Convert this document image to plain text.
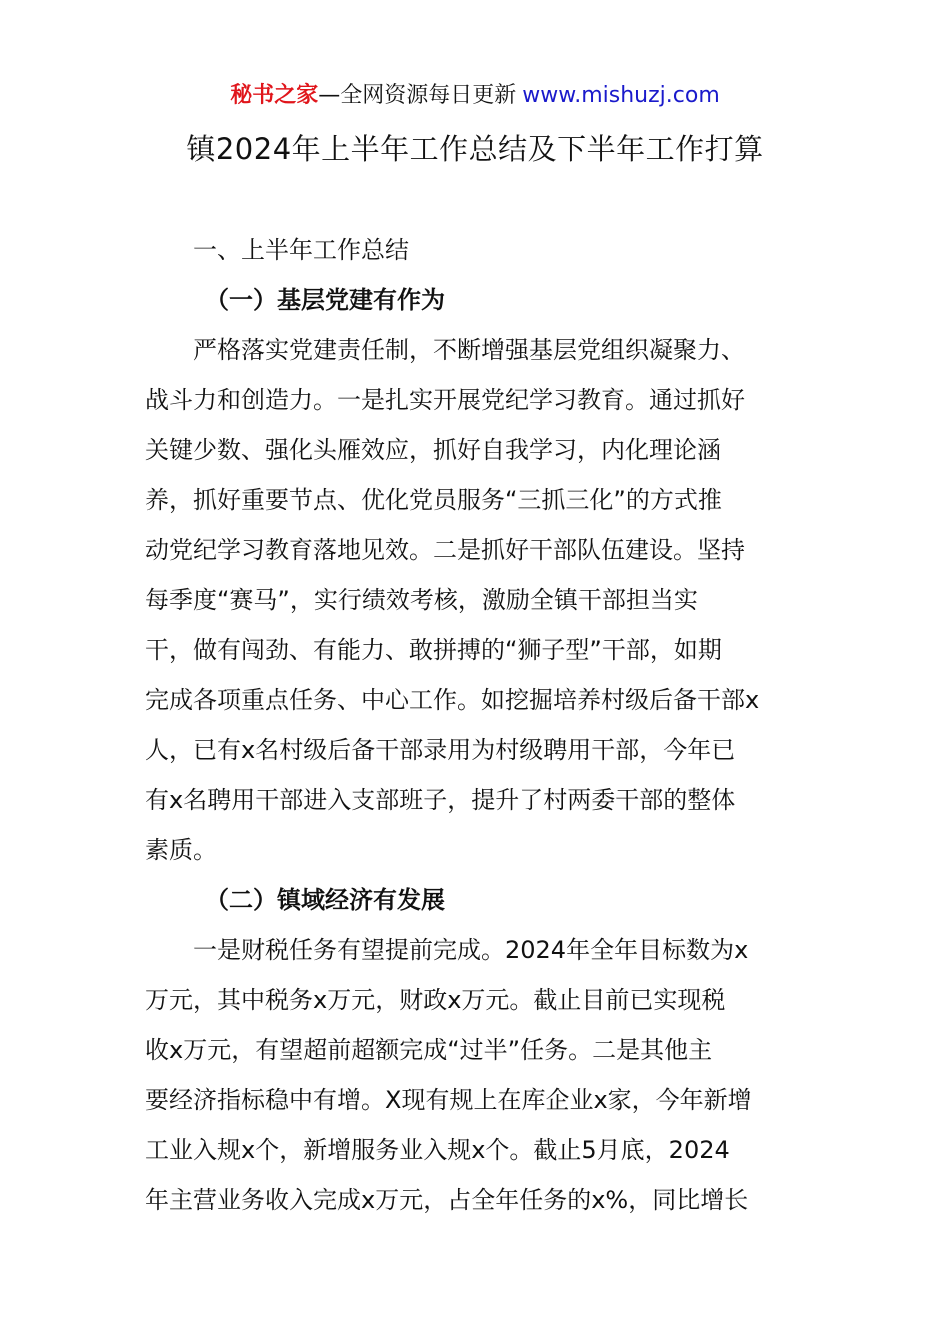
秘书之家—全网资源每日更新 www.mishuzj.com
镇2024年上半年工作总结及下半年工作打算
一、上半年工作总结
（一）基层党建有作为

严格落实党建责任制，不断增强基层党组织凝聚力、
战斗力和创造力。一是扎实开展党纪学习教育。通过抓好
关键少数、强化头雁效应，抓好自我学习，内化理论涵
养，抓好重要节点、优化党员服务“三抓三化”的方式推
动党纪学习教育落地见效。二是抓好干部队伍建设。坚持
每季度“赛马”，实行绩效考核，激励全镇干部担当实
干，做有闯劲、有能力、敢拼搏的“狮子型”干部，如期
完成各项重点任务、中心工作。如挖掘培养村级后备干部x
人，已有x名村级后备干部录用为村级聘用干部，今年已
有x名聘用干部进入支部班子，提升了村两委干部的整体
素质。

（二）镇域经济有发展

一是财税任务有望提前完成。2024年全年目标数为x
万元，其中税务x万元，财政x万元。截止目前已实现税
收x万元，有望超前超额完成“过半”任务。二是其他主
要经济指标稳中有增。X现有规上在库企业x家，今年新增
工业入规x个，新增服务业入规x个。截止5月底，2024
年主营业务收入完成x万元，占全年任务的x%，同比增长
